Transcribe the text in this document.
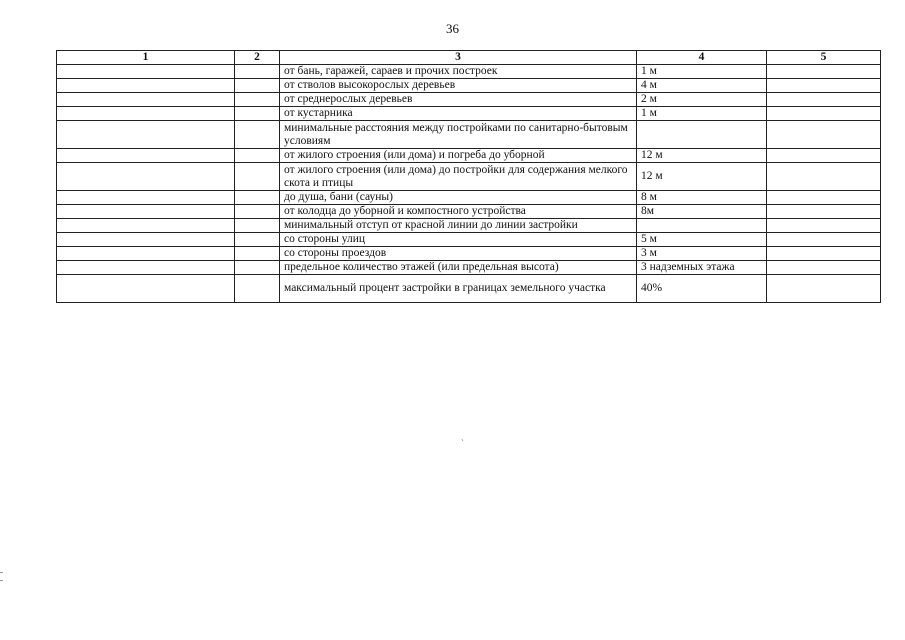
36
1	2	3	4	5
		от бань, гаражей, сараев и прочих построек	1 м	
		от стволов высокорослых деревьев	4 м	
		от среднерослых деревьев	2 м	
		от кустарника	1 м	
		минимальные расстояния между постройками по санитарно-бытовым условиям		
		от жилого строения (или дома) и погреба до уборной	12 м	
		от жилого строения (или дома) до постройки для содержания мелкого скота и птицы	12 м	
		до душа, бани (сауны)	8 м	
		от колодца до уборной и компостного устройства	8м	
		минимальный отступ от красной линии до линии застройки		
		со стороны улиц	5 м	
		со стороны проездов	3 м	
		предельное количество этажей (или предельная высота)	3 надземных этажа	
		максимальный процент застройки в границах земельного участка	40%	
ˋ
